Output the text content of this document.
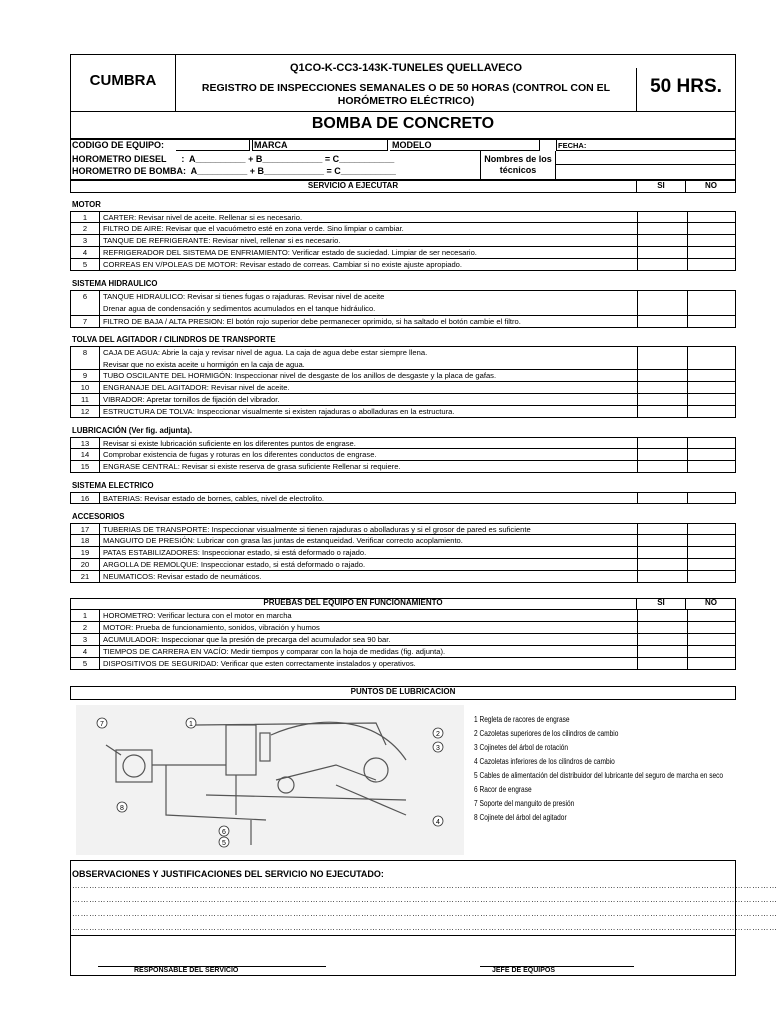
CUMBRA
Q1CO-K-CC3-143K-TUNELES QUELLAVECO
REGISTRO DE INSPECCIONES SEMANALES O DE 50 HORAS (CONTROL CON EL HORÓMETRO ELÉCTRICO)
50 HRS.
BOMBA DE CONCRETO
CODIGO DE EQUIPO:	MARCA	MODELO	FECHA:
HOROMETRO DIESEL      :  A__________ + B____________ = C___________
HOROMETRO DE BOMBA:  A__________ + B____________ = C___________
Nombres de los técnicos
SERVICIO A EJECUTAR	SI	NO
MOTOR
1	CARTER: Revisar nivel de aceite. Rellenar si es necesario.
2	FILTRO DE AIRE: Revisar que el vacuómetro esté en zona verde. Sino limpiar o cambiar.
3	TANQUE DE REFRIGERANTE: Revisar nivel, rellenar si es necesario.
4	REFRIGERADOR DEL SISTEMA DE ENFRIAMIENTO: Verificar estado de suciedad. Limpiar de ser necesario.
5	CORREAS EN V/POLEAS DE MOTOR: Revisar estado de correas. Cambiar si no existe ajuste apropiado.
SISTEMA HIDRAULICO
6	TANQUE HIDRAULICO: Revisar si tienes fugas o rajaduras. Revisar nivel de aceite
Drenar agua de condensación y sedimentos acumulados en el tanque hidráulico.
7	FILTRO DE BAJA / ALTA PRESION: El botón rojo superior debe permanecer oprimido, si ha saltado el botón cambie el filtro.
TOLVA DEL AGITADOR / CILINDROS DE TRANSPORTE
8	CAJA DE AGUA: Abrie la caja y revisar nivel de agua. La caja de agua debe estar siempre llena.
Revisar que no exista aceite u hormigón en la caja de agua.
9	TUBO OSCILANTE DEL HORMIGÓN: Inspeccionar nivel de desgaste de los anillos de desgaste y la placa de gafas.
10	ENGRANAJE DEL AGITADOR: Revisar nivel de aceite.
11	VIBRADOR: Apretar tornillos de fijación del vibrador.
12	ESTRUCTURA DE TOLVA: Inspeccionar visualmente si existen rajaduras o abolladuras en la estructura.
LUBRICACIÓN (Ver fig. adjunta).
13	Revisar si existe lubricación suficiente en los diferentes puntos de engrase.
14	Comprobar existencia de fugas y roturas en los diferentes conductos de engrase.
15	ENGRASE CENTRAL: Revisar si existe reserva de grasa suficiente Rellenar si requiere.
SISTEMA ELECTRICO
16	BATERIAS: Revisar estado de bornes, cables, nivel de electrolito.
ACCESORIOS
17	TUBERIAS DE TRANSPORTE: Inspeccionar visualmente si tienen rajaduras o abolladuras y si el grosor de pared es suficiente
18	MANGUITO DE PRESIÓN: Lubricar con grasa las juntas de estanqueidad. Verificar correcto acoplamiento.
19	PATAS ESTABILIZADORES: Inspeccionar estado, si está deformado o rajado.
20	ARGOLLA DE REMOLQUE: Inspeccionar estado, si está deformado o rajado.
21	NEUMATICOS: Revisar estado de neumáticos.
PRUEBAS DEL EQUIPO EN FUNCIONAMIENTO	SI	NO
1	HOROMETRO: Verificar lectura con el motor en marcha
2	MOTOR: Prueba de funcionamiento, sonidos, vibración y humos
3	ACUMULADOR: Inspeccionar que la presión de precarga del acumulador sea 90 bar.
4	TIEMPOS DE CARRERA EN VACÍO: Medir tiempos y comparar con la hoja de medidas (fig. adjunta).
5	DISPOSITIVOS DE SEGURIDAD: Verificar que esten correctamente instalados y operativos.
PUNTOS DE LUBRICACION
7	1
2
3
4
5
6
8
1 Regleta de racores de engrase
2 Cazoletas superiores de los cilindros de cambio
3 Cojinetes del árbol de rotación
4 Cazoletas inferiores de los cilindros de cambio
5 Cables de alimentación del distribuidor del lubricante del seguro de marcha en seco
6 Racor de engrase
7 Soporte del manguito de presión
8 Cojinete del árbol del agitador
OBSERVACIONES Y JUSTIFICACIONES DEL SERVICIO NO EJECUTADO:
……………………………………………………………………………………………………………………………………………………………………………………………………………………………
……………………………………………………………………………………………………………………………………………………………………………………………………………………………
……………………………………………………………………………………………………………………………………………………………………………………………………………………………
……………………………………………………………………………………………………………………………………………………………………………………………………………………………
RESPONSABLE DEL SERVICIO	JEFE DE EQUIPOS
